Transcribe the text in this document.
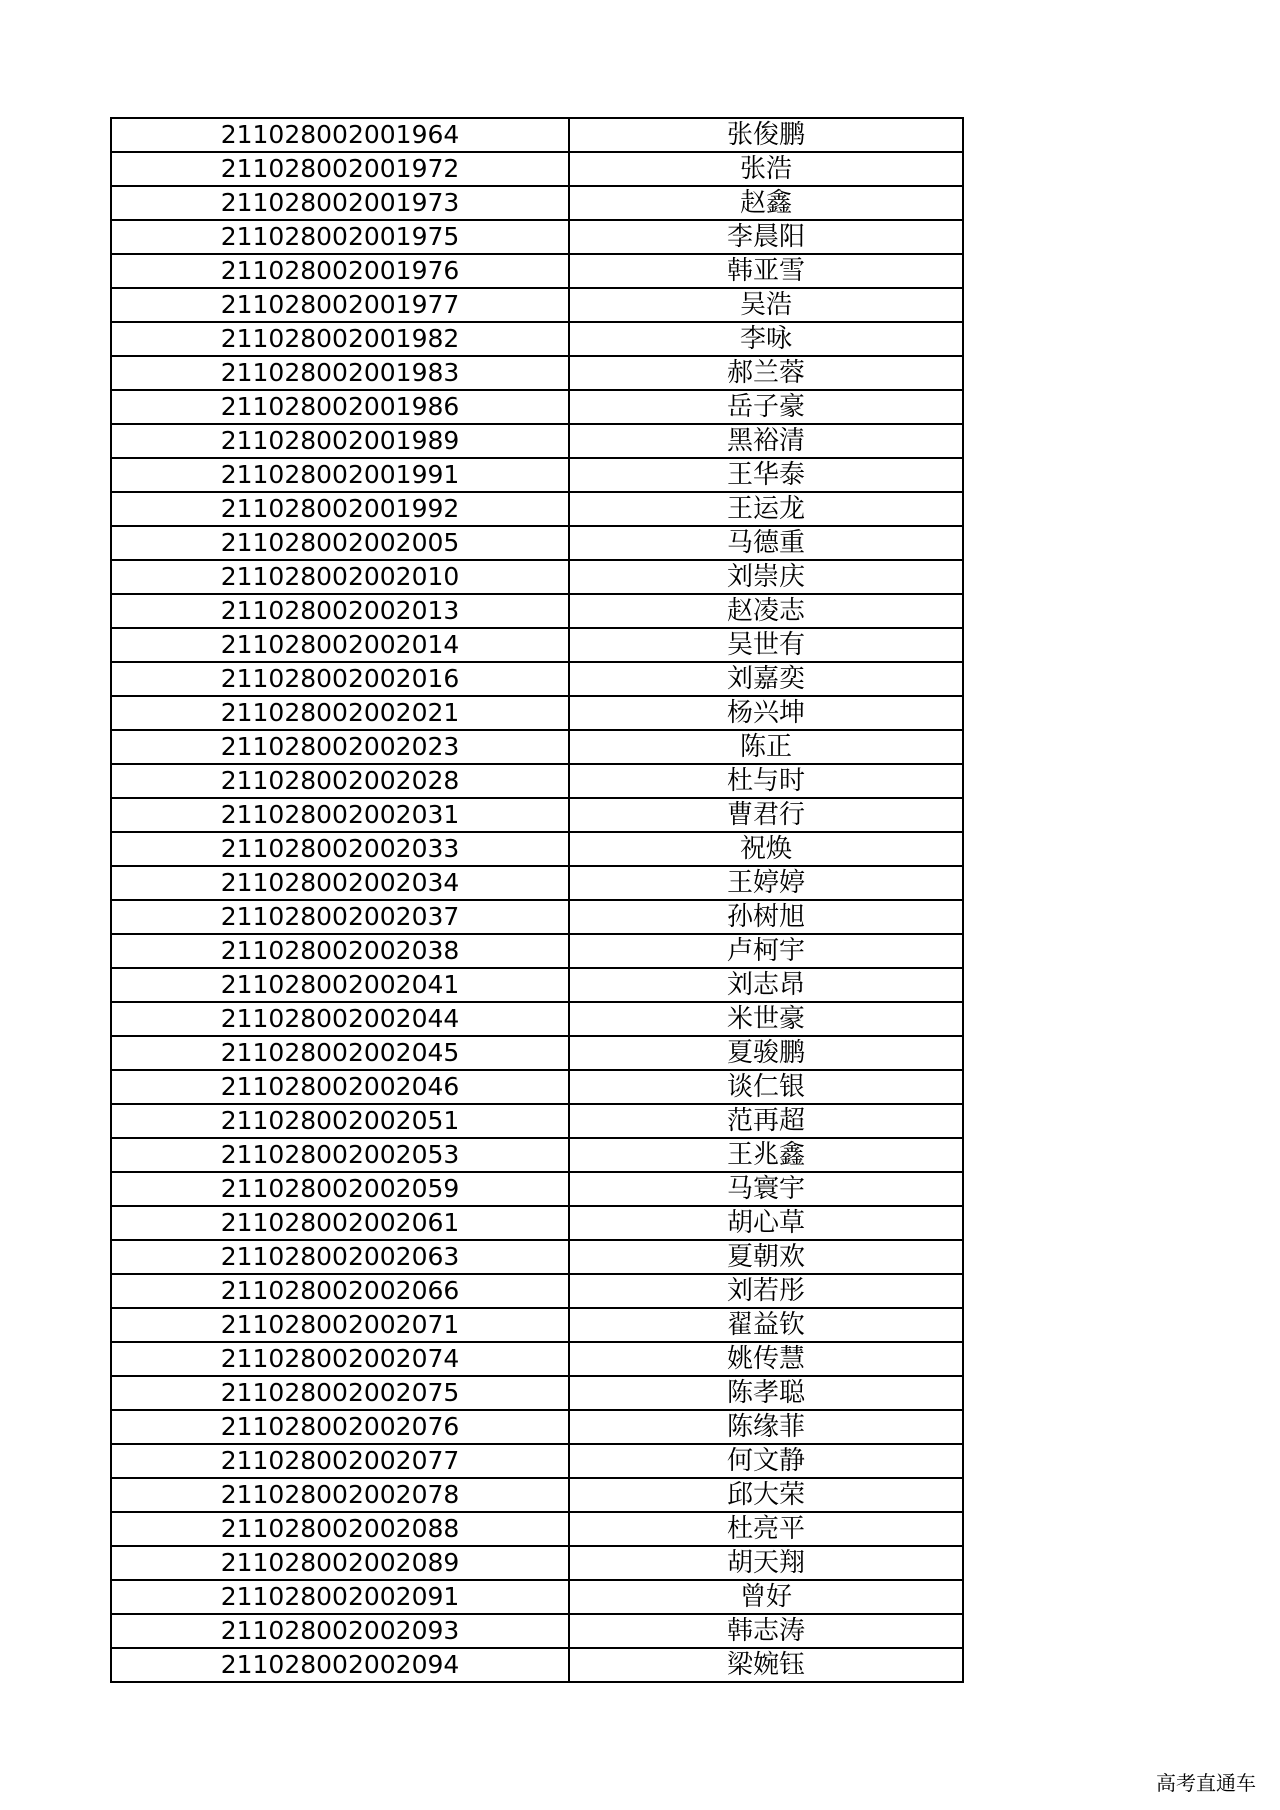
211028002001964	张俊鹏
211028002001972	张浩
211028002001973	赵鑫
211028002001975	李晨阳
211028002001976	韩亚雪
211028002001977	吴浩
211028002001982	李咏
211028002001983	郝兰蓉
211028002001986	岳子豪
211028002001989	黑裕清
211028002001991	王华泰
211028002001992	王运龙
211028002002005	马德重
211028002002010	刘崇庆
211028002002013	赵凌志
211028002002014	吴世有
211028002002016	刘嘉奕
211028002002021	杨兴坤
211028002002023	陈正
211028002002028	杜与时
211028002002031	曹君行
211028002002033	祝焕
211028002002034	王婷婷
211028002002037	孙树旭
211028002002038	卢柯宇
211028002002041	刘志昂
211028002002044	米世豪
211028002002045	夏骏鹏
211028002002046	谈仁银
211028002002051	范再超
211028002002053	王兆鑫
211028002002059	马寰宇
211028002002061	胡心草
211028002002063	夏朝欢
211028002002066	刘若彤
211028002002071	翟益钦
211028002002074	姚传慧
211028002002075	陈孝聪
211028002002076	陈缘菲
211028002002077	何文静
211028002002078	邱大荣
211028002002088	杜亮平
211028002002089	胡天翔
211028002002091	曾好
211028002002093	韩志涛
211028002002094	梁婉钰
高考直通车
